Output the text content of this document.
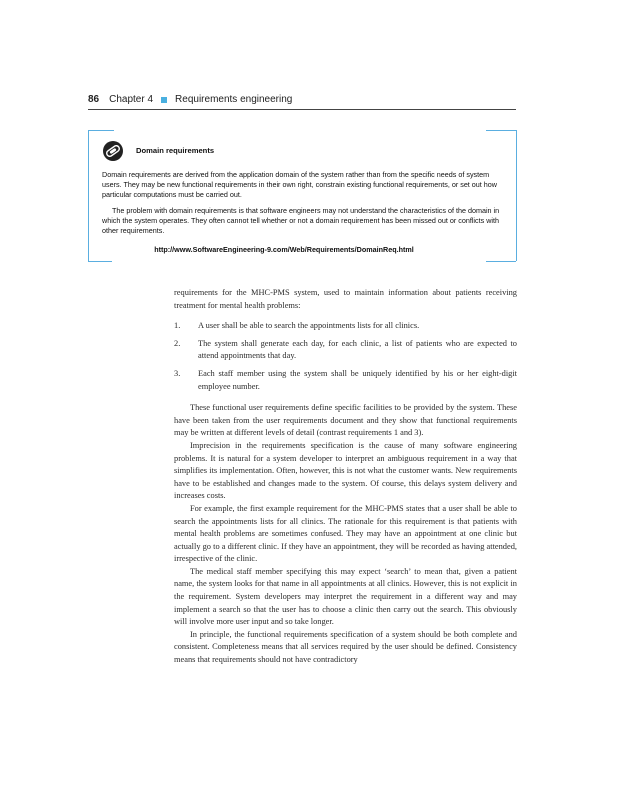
86 Chapter 4 Requirements engineering
Domain requirements

Domain requirements are derived from the application domain of the system rather than from the specific needs of system users. They may be new functional requirements in their own right, constrain existing functional requirements, or set out how particular computations must be carried out.

The problem with domain requirements is that software engineers may not understand the characteristics of the domain in which the system operates. They often cannot tell whether or not a domain requirement has been missed out or conflicts with other requirements.

http://www.SoftwareEngineering-9.com/Web/Requirements/DomainReq.html

requirements for the MHC-PMS system, used to maintain information about patients receiving treatment for mental health problems:

1.	A user shall be able to search the appointments lists for all clinics.
2.	The system shall generate each day, for each clinic, a list of patients who are expected to attend appointments that day.
3.	Each staff member using the system shall be uniquely identified by his or her eight-digit employee number.

These functional user requirements define specific facilities to be provided by the system. These have been taken from the user requirements document and they show that functional requirements may be written at different levels of detail (contrast requirements 1 and 3).

Imprecision in the requirements specification is the cause of many software engineering problems. It is natural for a system developer to interpret an ambiguous requirement in a way that simplifies its implementation. Often, however, this is not what the customer wants. New requirements have to be established and changes made to the system. Of course, this delays system delivery and increases costs.

For example, the first example requirement for the MHC-PMS states that a user shall be able to search the appointments lists for all clinics. The rationale for this requirement is that patients with mental health problems are sometimes confused. They may have an appointment at one clinic but actually go to a different clinic. If they have an appointment, they will be recorded as having attended, irrespective of the clinic.

The medical staff member specifying this may expect ‘search’ to mean that, given a patient name, the system looks for that name in all appointments at all clinics. However, this is not explicit in the requirement. System developers may interpret the requirement in a different way and may implement a search so that the user has to choose a clinic then carry out the search. This obviously will involve more user input and so take longer.

In principle, the functional requirements specification of a system should be both complete and consistent. Completeness means that all services required by the user should be defined. Consistency means that requirements should not have contradictory
